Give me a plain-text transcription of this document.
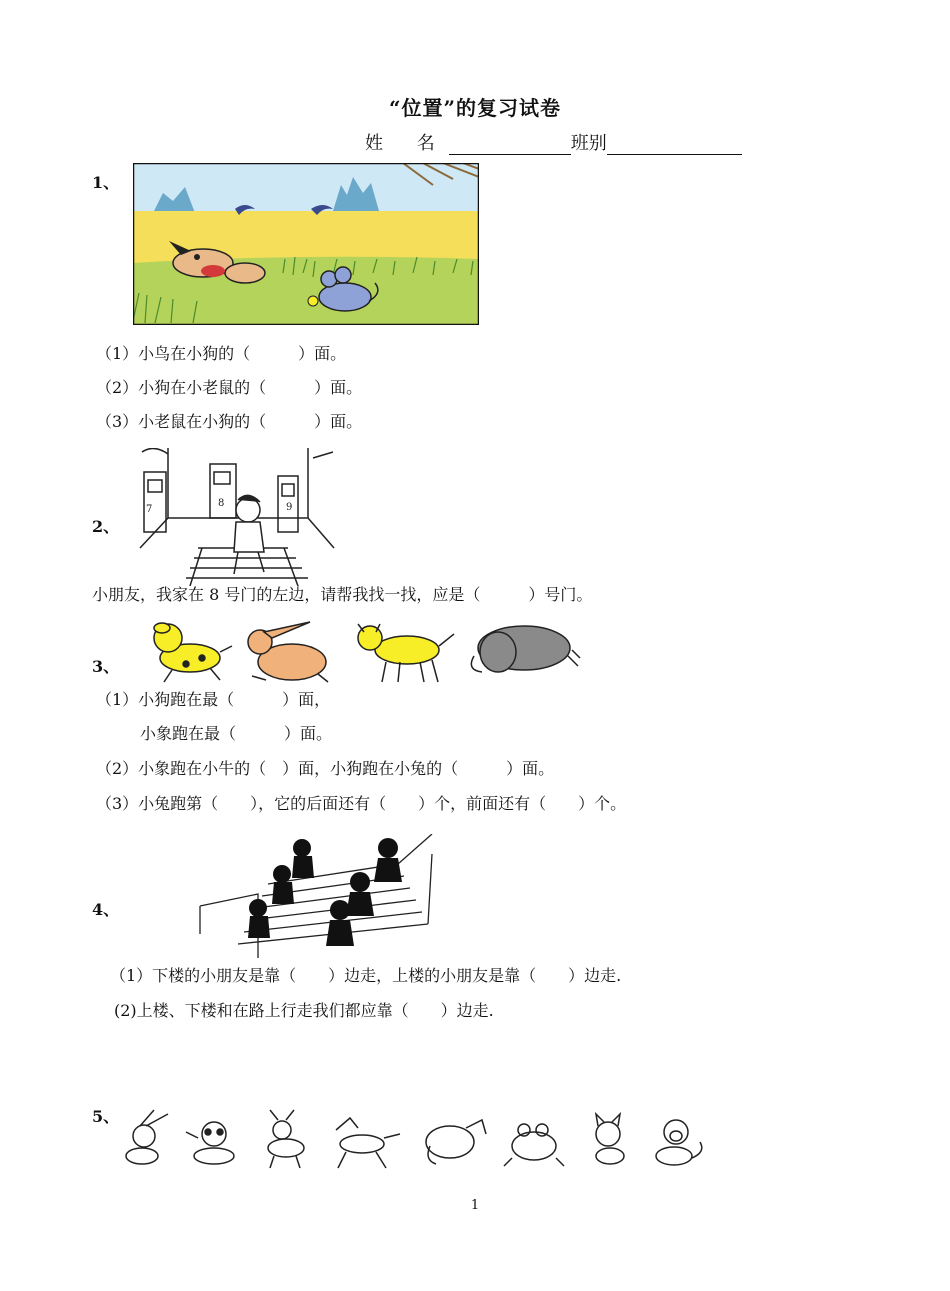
“位置”的复习试卷
姓 名	班别
1、
（1）小鸟在小狗的（　　　）面。
（2）小狗在小老鼠的（　　　）面。
（3）小老鼠在小狗的（　　　）面。
2、
7
8	9
小朋友，我家在 8 号门的左边，请帮我找一找，应是（　　　）号门。
3、
（1）小狗跑在最（　　　）面，
小象跑在最（　　　）面。
（2）小象跑在小牛的（　）面，小狗跑在小兔的（　　　）面。
（3）小兔跑第（　　），它的后面还有（　　）个，前面还有（　　）个。
4、
（1）下楼的小朋友是靠（　　）边走，上楼的小朋友是靠（　　）边走.
(2)上楼、下楼和在路上行走我们都应靠（　　）边走.
5、
1
